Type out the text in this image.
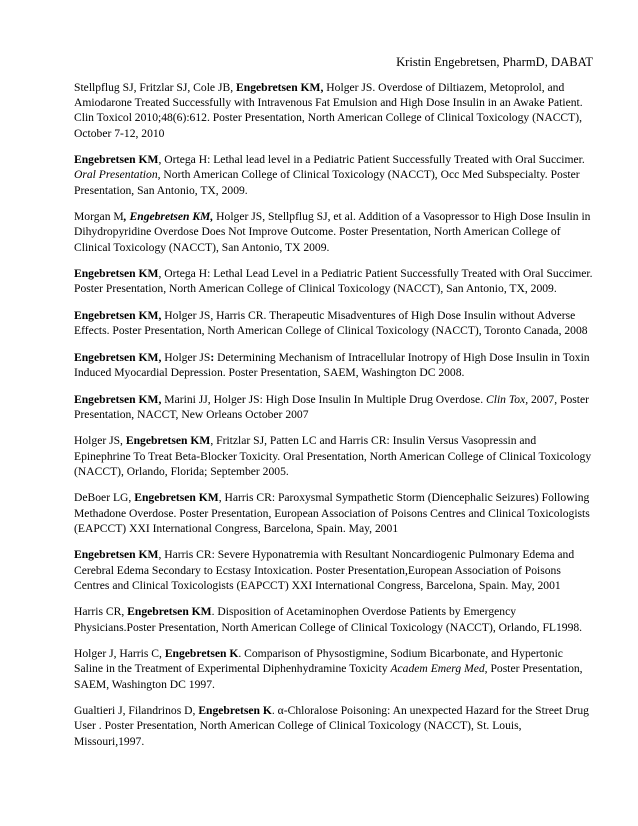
Kristin Engebretsen, PharmD, DABAT

Stellpflug SJ, Fritzlar SJ, Cole JB, Engebretsen KM, Holger JS. Overdose of Diltiazem, Metoprolol, and Amiodarone Treated Successfully with Intravenous Fat Emulsion and High Dose Insulin in an Awake Patient. Clin Toxicol 2010;48(6):612. Poster Presentation, North American College of Clinical Toxicology (NACCT), October 7-12, 2010

Engebretsen KM, Ortega H: Lethal lead level in a Pediatric Patient Successfully Treated with Oral Succimer. Oral Presentation, North American College of Clinical Toxicology (NACCT), Occ Med Subspecialty. Poster Presentation, San Antonio, TX, 2009.

Morgan M, Engebretsen KM, Holger JS, Stellpflug SJ, et al. Addition of a Vasopressor to High Dose Insulin in Dihydropyridine Overdose Does Not Improve Outcome. Poster Presentation, North American College of Clinical Toxicology (NACCT), San Antonio, TX 2009.

Engebretsen KM, Ortega H: Lethal Lead Level in a Pediatric Patient Successfully Treated with Oral Succimer. Poster Presentation, North American College of Clinical Toxicology (NACCT), San Antonio, TX, 2009.

Engebretsen KM, Holger JS, Harris CR. Therapeutic Misadventures of High Dose Insulin without Adverse Effects. Poster Presentation, North American College of Clinical Toxicology (NACCT), Toronto Canada, 2008

Engebretsen KM, Holger JS: Determining Mechanism of Intracellular Inotropy of High Dose Insulin in Toxin Induced Myocardial Depression. Poster Presentation, SAEM, Washington DC 2008.

Engebretsen KM, Marini JJ, Holger JS: High Dose Insulin In Multiple Drug Overdose. Clin Tox, 2007, Poster Presentation, NACCT, New Orleans October 2007

Holger JS, Engebretsen KM, Fritzlar SJ, Patten LC and Harris CR: Insulin Versus Vasopressin and Epinephrine To Treat Beta-Blocker Toxicity. Oral Presentation, North American College of Clinical Toxicology (NACCT), Orlando, Florida; September 2005.

DeBoer LG, Engebretsen KM, Harris CR: Paroxysmal Sympathetic Storm (Diencephalic Seizures) Following Methadone Overdose. Poster Presentation, European Association of Poisons Centres and Clinical Toxicologists (EAPCCT) XXI International Congress, Barcelona, Spain. May, 2001

Engebretsen KM, Harris CR: Severe Hyponatremia with Resultant Noncardiogenic Pulmonary Edema and Cerebral Edema Secondary to Ecstasy Intoxication. Poster Presentation,European Association of Poisons Centres and Clinical Toxicologists (EAPCCT) XXI International Congress, Barcelona, Spain. May, 2001

Harris CR, Engebretsen KM. Disposition of Acetaminophen Overdose Patients by Emergency Physicians.Poster Presentation, North American College of Clinical Toxicology (NACCT), Orlando, FL1998.

Holger J, Harris C, Engebretsen K. Comparison of Physostigmine, Sodium Bicarbonate, and Hypertonic Saline in the Treatment of Experimental Diphenhydramine Toxicity Academ Emerg Med, Poster Presentation, SAEM, Washington DC 1997.

Gualtieri J, Filandrinos D, Engebretsen K. α-Chloralose Poisoning: An unexpected Hazard for the Street Drug User . Poster Presentation, North American College of Clinical Toxicology (NACCT), St. Louis, Missouri,1997.
